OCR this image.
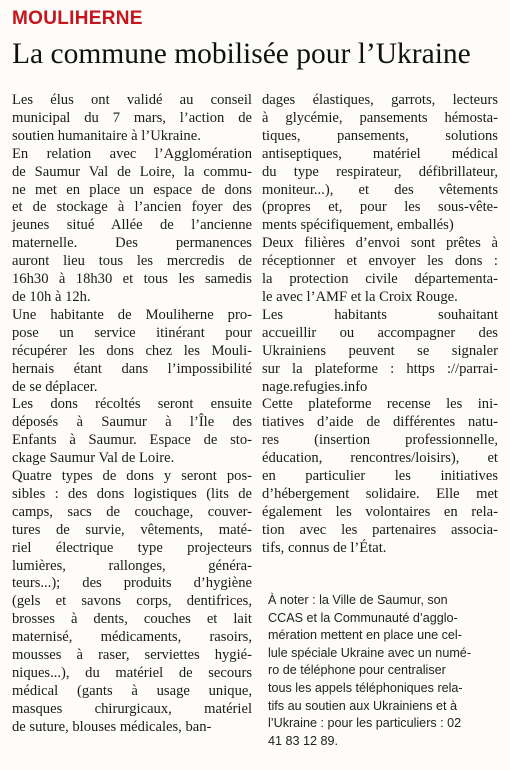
MOULIHERNE
La commune mobilisée pour l’Ukraine

Les élus ont validé au conseil
municipal du 7 mars, l’action de
soutien humanitaire à l’Ukraine.

En relation avec l’Agglomération
de Saumur Val de Loire, la commu-
ne met en place un espace de dons
et de stockage à l’ancien foyer des
jeunes situé Allée de l’ancienne
maternelle. Des permanences
auront lieu tous les mercredis de
16h30 à 18h30 et tous les samedis
de 10h à 12h.

Une habitante de Mouliherne pro-
pose un service itinérant pour
récupérer les dons chez les Mouli-
hernais étant dans l’impossibilité
de se déplacer.

Les dons récoltés seront ensuite
déposés à Saumur à l’Île des
Enfants à Saumur. Espace de sto-
ckage Saumur Val de Loire.

Quatre types de dons y seront pos-
sibles : des dons logistiques (lits de
camps, sacs de couchage, couver-
tures de survie, vêtements, maté-
riel électrique type projecteurs
lumières, rallonges, généra-
teurs...); des produits d’hygiène
(gels et savons corps, dentifrices,
brosses à dents, couches et lait
maternisé, médicaments, rasoirs,
mousses à raser, serviettes hygié-
niques...), du matériel de secours
médical (gants à usage unique,
masques chirurgicaux, matériel
de suture, blouses médicales, ban-

dages élastiques, garrots, lecteurs
à glycémie, pansements hémosta-
tiques, pansements, solutions
antiseptiques, matériel médical
du type respirateur, défibrillateur,
moniteur...), et des vêtements
(propres et, pour les sous-vête-
ments spécifiquement, emballés)

Deux filières d’envoi sont prêtes à
réceptionner et envoyer les dons :
la protection civile départementa-
le avec l’AMF et la Croix Rouge.

Les habitants souhaitant
accueillir ou accompagner des
Ukrainiens peuvent se signaler
sur la plateforme : https ://parrai-
nage.refugies.info

Cette plateforme recense les ini-
tiatives d’aide de différentes natu-
res (insertion professionnelle,
éducation, rencontres/loisirs), et
en particulier les initiatives
d’hébergement solidaire. Elle met
également les volontaires en rela-
tion avec les partenaires associa-
tifs, connus de l’État.

À noter : la Ville de Saumur, son
CCAS et la Communauté d’agglo-
mération mettent en place une cel-
lule spéciale Ukraine avec un numé-
ro de téléphone pour centraliser
tous les appels téléphoniques rela-
tifs au soutien aux Ukrainiens et à
l’Ukraine : pour les particuliers : 02
41 83 12 89.
